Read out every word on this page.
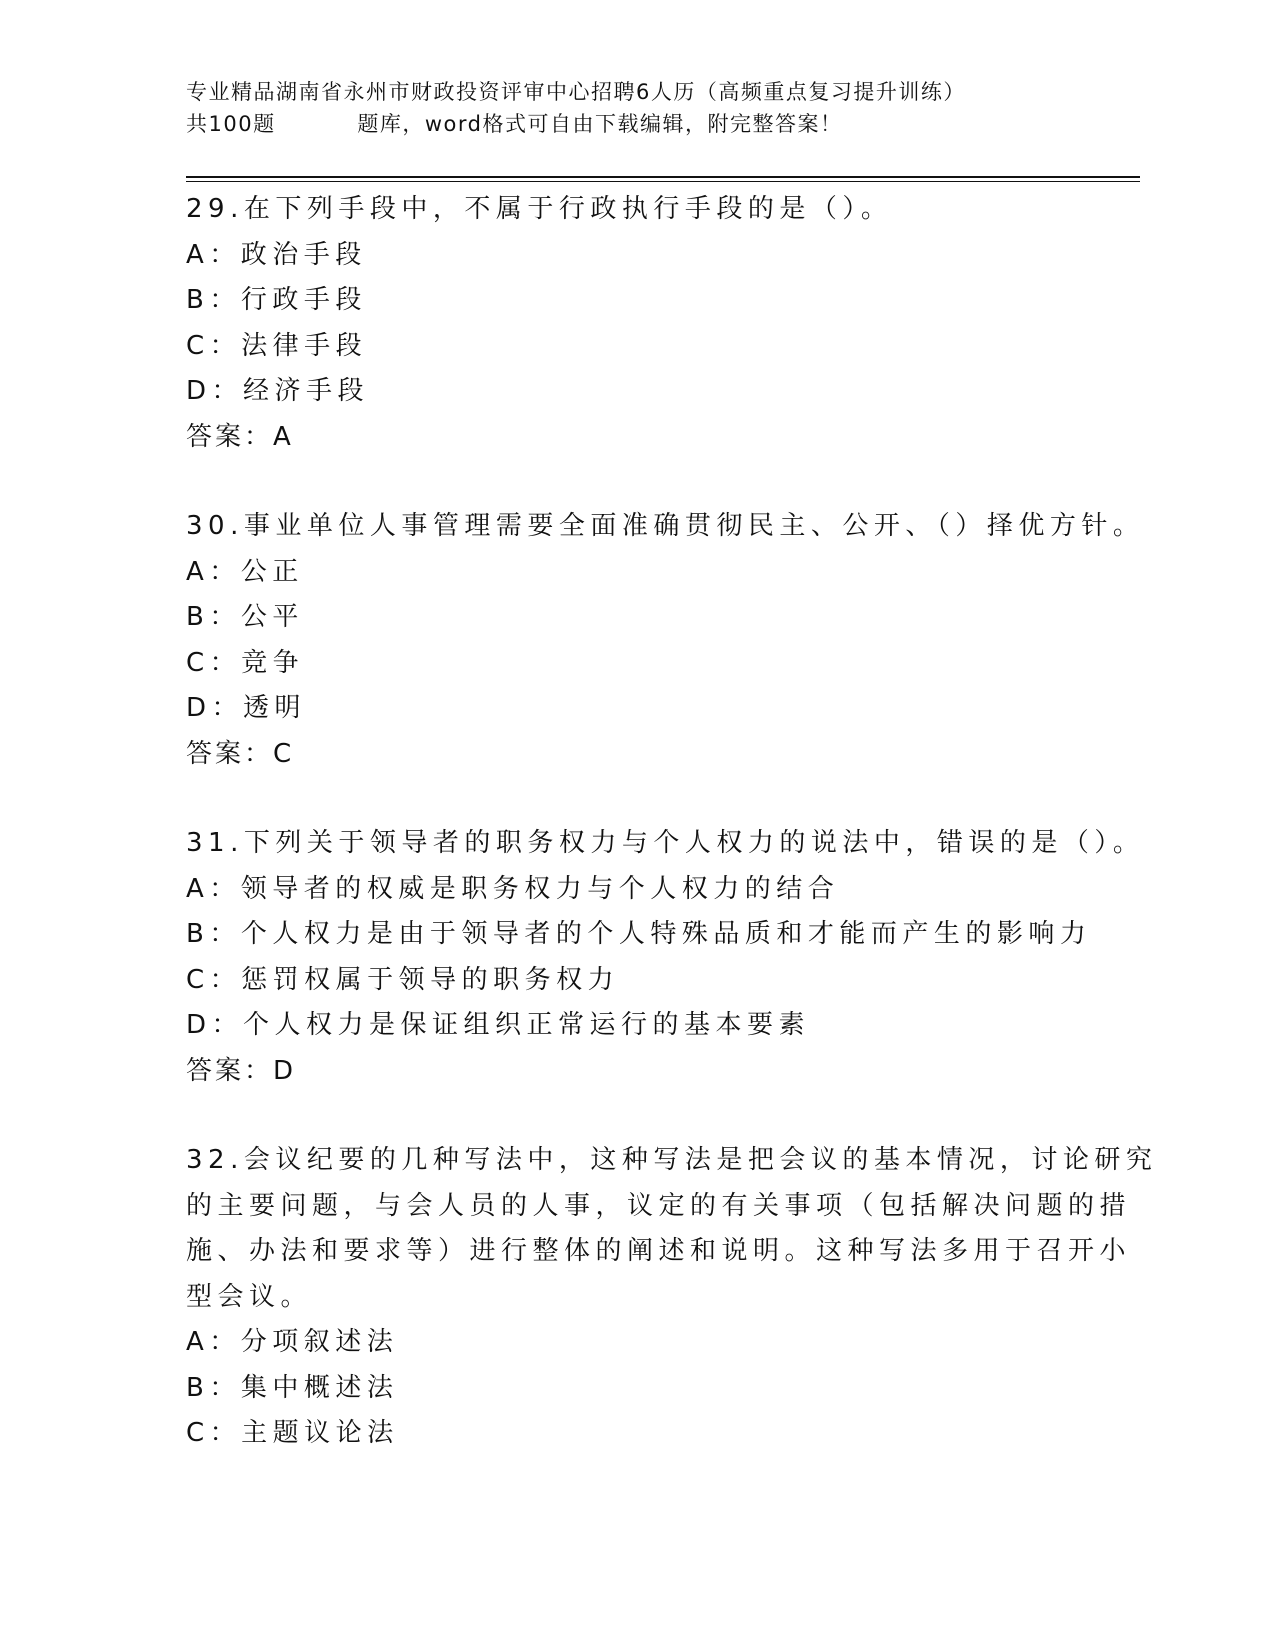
专业精品湖南省永州市财政投资评审中心招聘6人历（高频重点复习提升训练）
共100题          题库，word格式可自由下载编辑，附完整答案！
29.在下列手段中，不属于行政执行手段的是（）。
A：政治手段
B：行政手段
C：法律手段
D：经济手段
答案：A
30.事业单位人事管理需要全面准确贯彻民主、公开、（）择优方针。
A：公正
B：公平
C：竞争
D：透明
答案：C
31.下列关于领导者的职务权力与个人权力的说法中，错误的是（）。
A：领导者的权威是职务权力与个人权力的结合
B：个人权力是由于领导者的个人特殊品质和才能而产生的影响力
C：惩罚权属于领导的职务权力
D：个人权力是保证组织正常运行的基本要素
答案：D
32.会议纪要的几种写法中，这种写法是把会议的基本情况，讨论研究
的主要问题，与会人员的人事，议定的有关事项（包括解决问题的措
施、办法和要求等）进行整体的阐述和说明。这种写法多用于召开小
型会议。
A：分项叙述法
B：集中概述法
C：主题议论法
